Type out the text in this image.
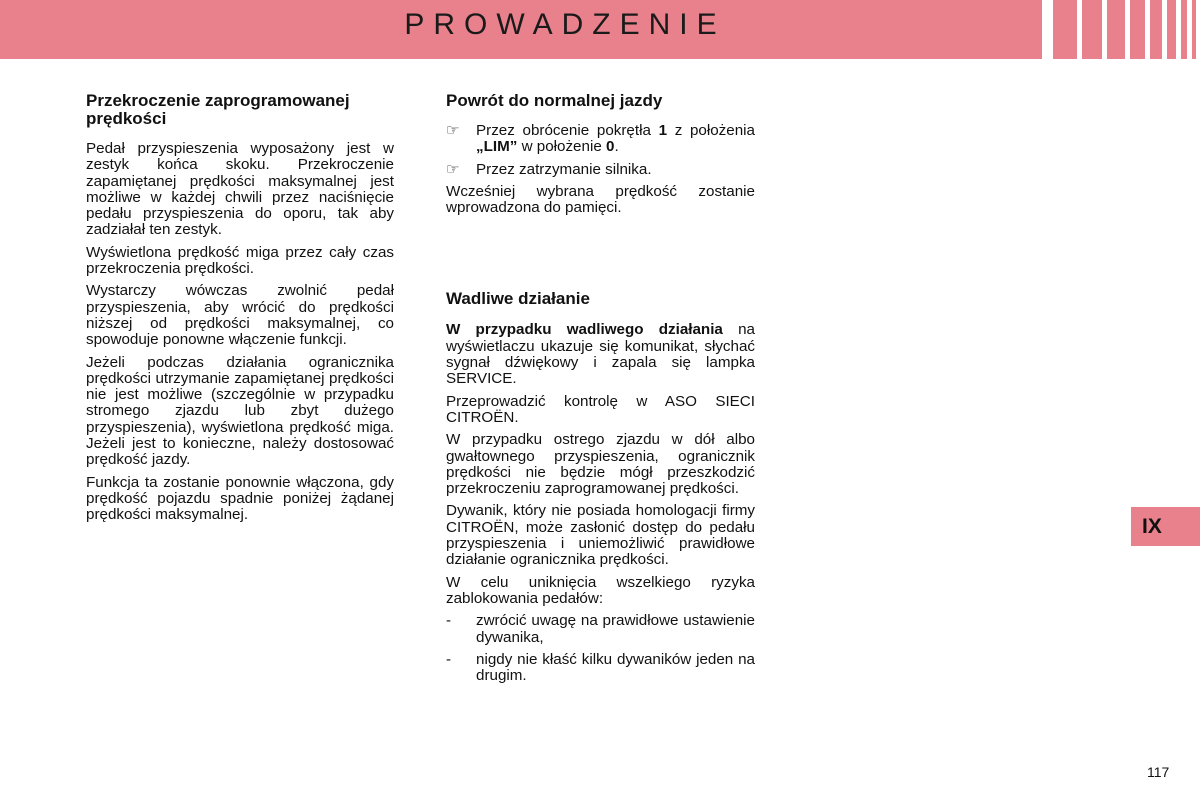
PROWADZENIE
IX
Przekroczenie zaprogramowanej prędkości

Pedał przyspieszenia wyposażony jest w zestyk końca skoku. Przekroczenie zapamiętanej prędkości maksymalnej jest możliwe w każdej chwili przez naciśnięcie pedału przyspieszenia do oporu, tak aby zadziałał ten zestyk.

Wyświetlona prędkość miga przez cały czas przekroczenia prędkości.

Wystarczy wówczas zwolnić pedał przyspieszenia, aby wrócić do prędkości niższej od prędkości maksymalnej, co spowoduje ponowne włączenie funkcji.

Jeżeli podczas działania ogranicznika prędkości utrzymanie zapamiętanej prędkości nie jest możliwe (szczególnie w przypadku stromego zjazdu lub zbyt dużego przyspieszenia), wyświetlona prędkość miga. Jeżeli jest to konieczne, należy dostosować prędkość jazdy.

Funkcja ta zostanie ponownie włączona, gdy prędkość pojazdu spadnie poniżej żądanej prędkości maksymalnej.

Powrót do normalnej jazdy
☞	Przez obrócenie pokrętła 1 z położenia „LIM” w położenie 0.
☞	Przez zatrzymanie silnika.

Wcześniej wybrana prędkość zostanie wprowadzona do pamięci.

Wadliwe działanie

W przypadku wadliwego działania na wyświetlaczu ukazuje się komunikat, słychać sygnał dźwiękowy i zapala się lampka SERVICE.

Przeprowadzić kontrolę w ASO SIECI CITROËN.

W przypadku ostrego zjazdu w dół albo gwałtownego przyspieszenia, ogranicznik prędkości nie będzie mógł przeszkodzić przekroczeniu zaprogramowanej prędkości.

Dywanik, który nie posiada homologacji firmy CITROËN, może zasłonić dostęp do pedału przyspieszenia i uniemożliwić prawidłowe działanie ogranicznika prędkości.

W celu uniknięcia wszelkiego ryzyka zablokowania pedałów:

-	zwrócić uwagę na prawidłowe ustawienie dywanika,
-	nigdy nie kłaść kilku dywaników jeden na drugim.
117
